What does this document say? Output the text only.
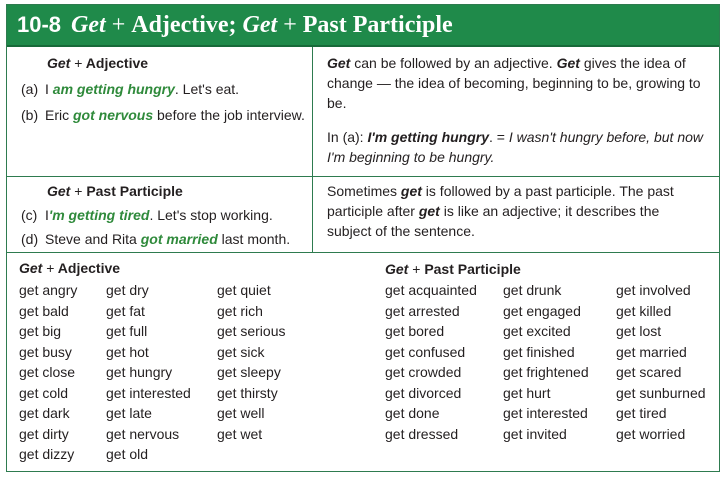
10-8 Get
+
Adjective;
Get
+
Past Participle
Get + Adjective
(a) I am getting hungry. Let's eat.
(b) Eric got nervous before the job interview.
Get can be followed by an adjective. Get gives the idea of change — the idea of becoming, beginning to be, growing to be.
In (a): I'm getting hungry. = I wasn't hungry before, but now I'm beginning to be hungry.
Get + Past Participle
(c) I'm getting tired. Let's stop working.
(d) Steve and Rita got married last month.
Sometimes get is followed by a past participle. The past participle after get is like an adjective; it describes the subject of the sentence.
Get + Adjective	Get + Past Participle
get angry
get bald
get big
get busy
get close
get cold
get dark
get dirty
get dizzy
get dry
get fat
get full
get hot
get hungry
get interested
get late
get nervous
get old
get quiet
get rich
get serious
get sick
get sleepy
get thirsty
get well
get wet
get acquainted
get arrested
get bored
get confused
get crowded
get divorced
get done
get dressed
get drunk
get engaged
get excited
get finished
get frightened
get hurt
get interested
get invited
get involved
get killed
get lost
get married
get scared
get sunburned
get tired
get worried
